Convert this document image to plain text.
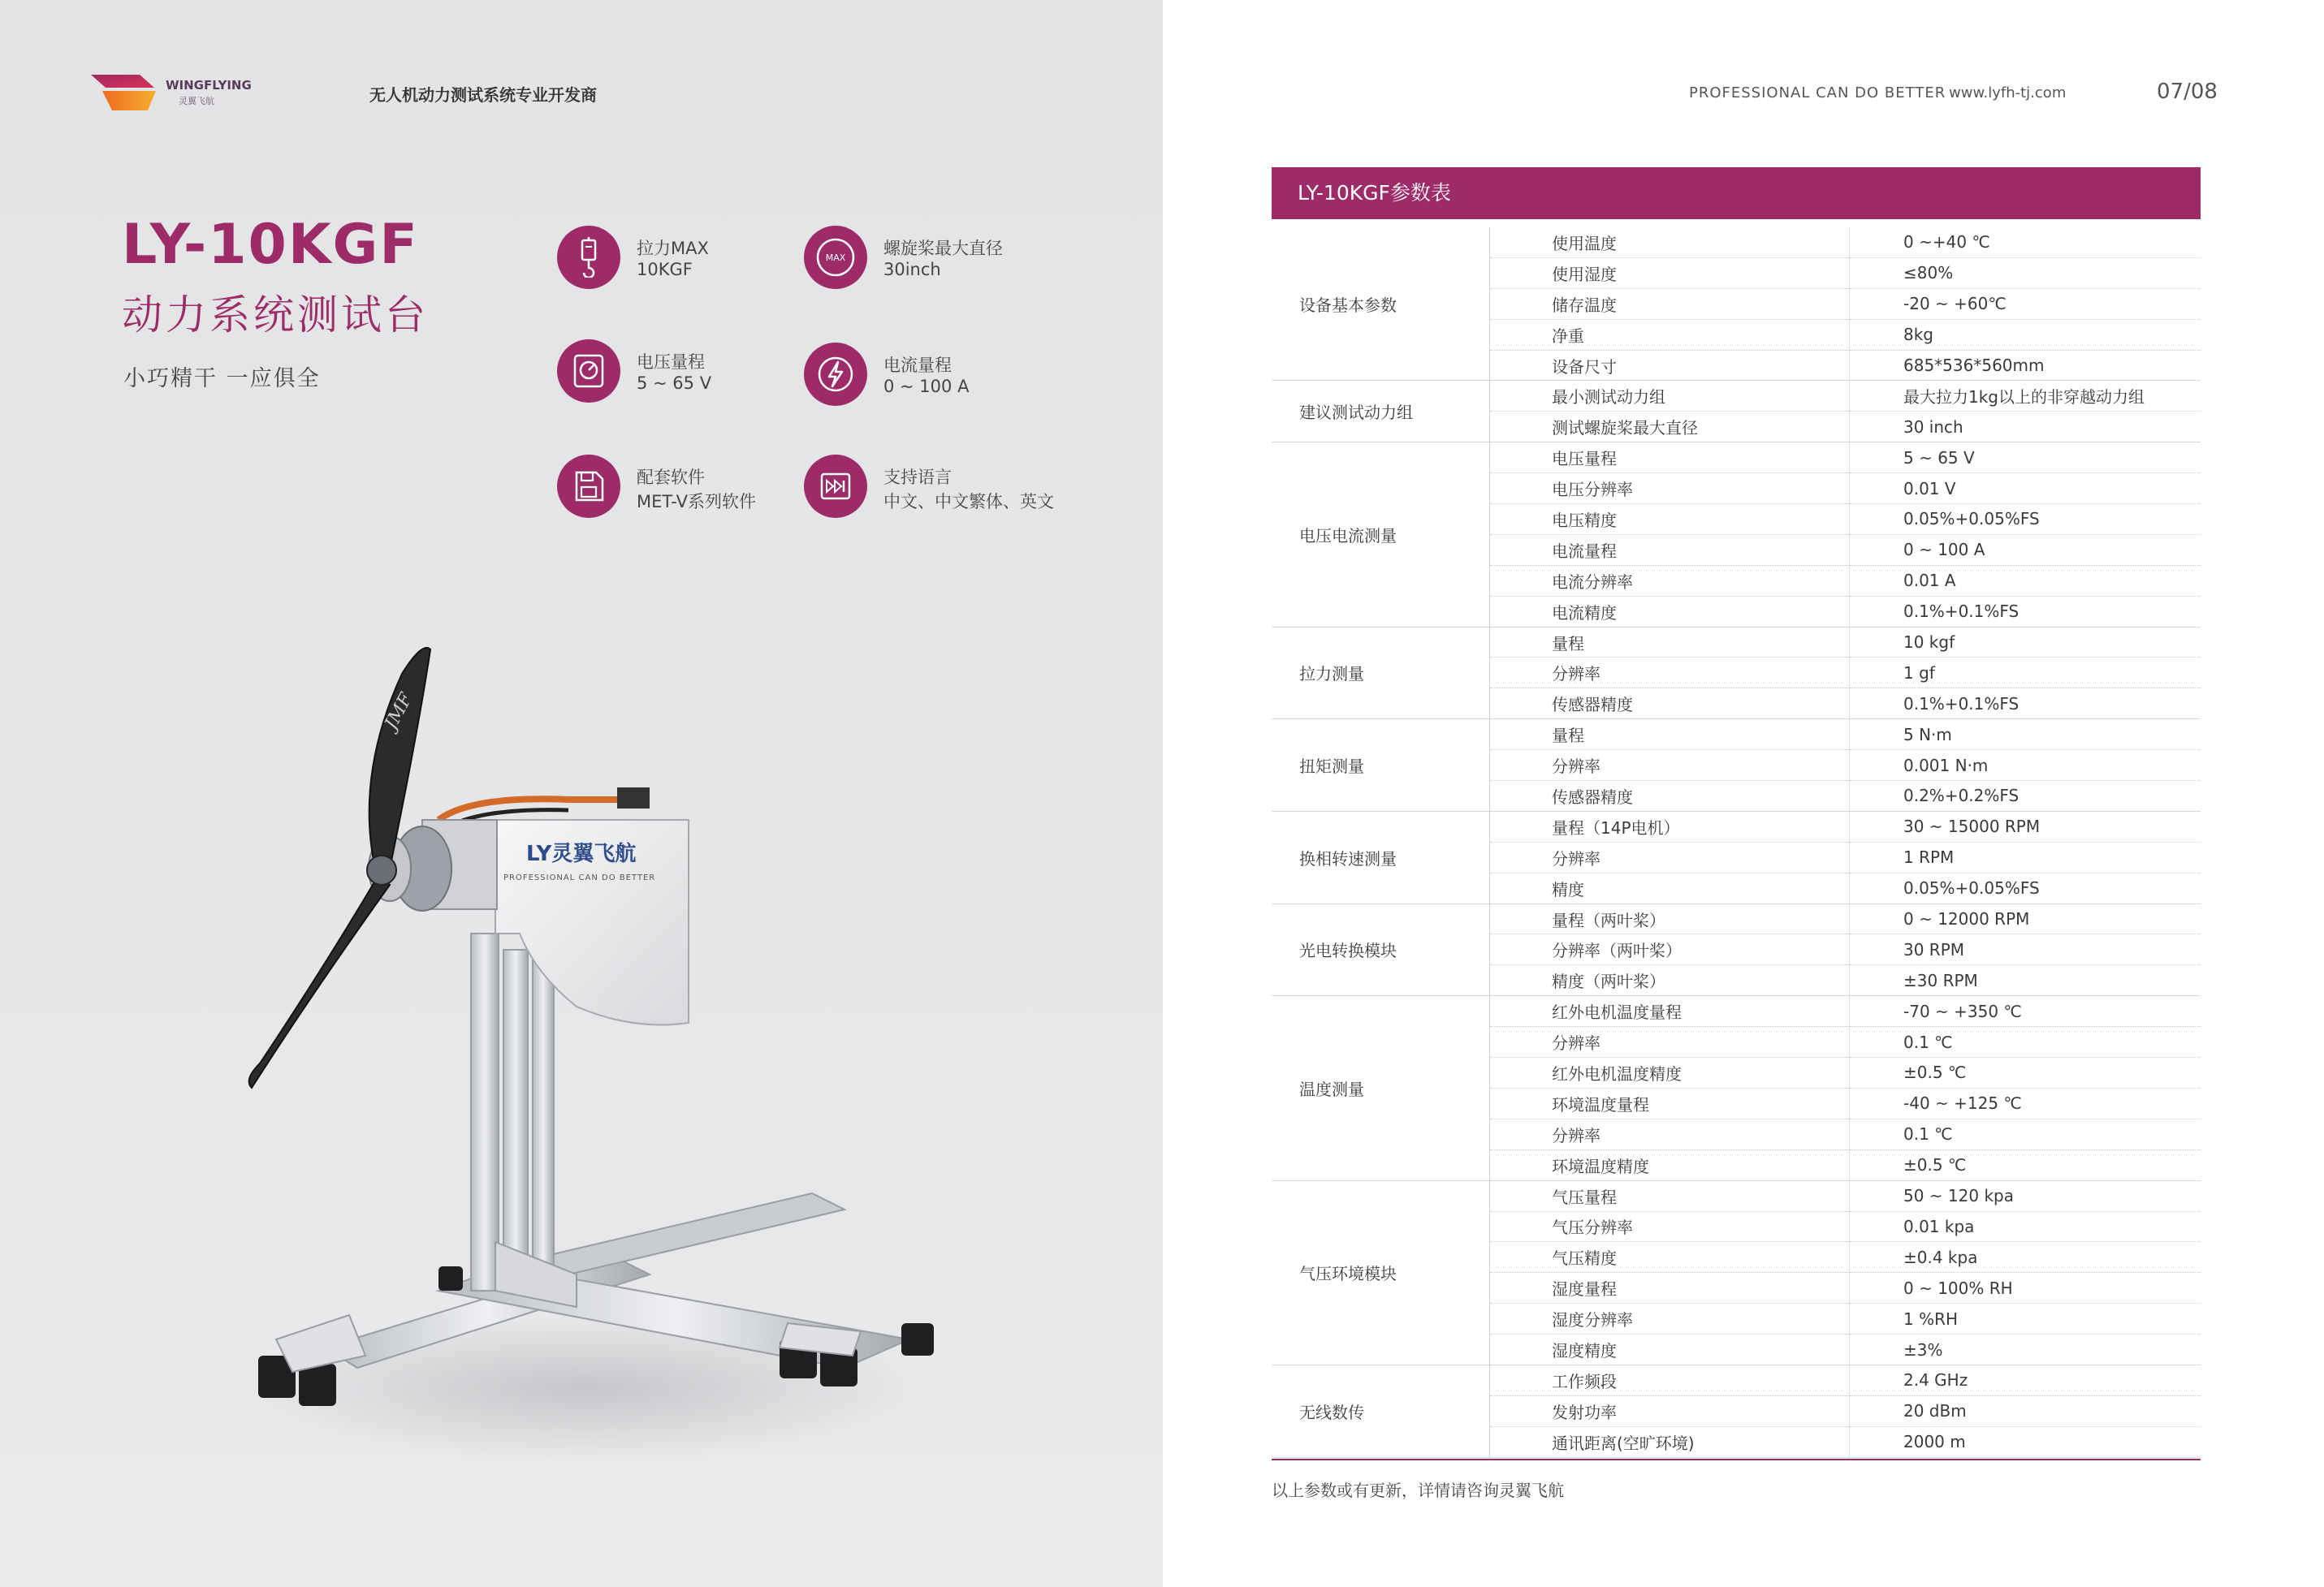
WINGFLYING
灵翼飞航	无人机动力测试系统专业开发商
LY-10KGF
动力系统测试台
小巧精干 一应俱全
拉力MAX
10KGF
MAX 螺旋桨最大直径
30inch
电压量程
5 ~ 65 V
电流量程
0 ~ 100 A
配套软件
MET-V系列软件
支持语言
中文、中文繁体、英文
LY灵翼飞航
PROFESSIONAL CAN DO BETTER
JMF
PROFESSIONAL CAN DO BETTER www.lyfh-tj.com	07/08
LY-10KGF参数表
设备基本参数	使用温度	0 ~+40 ℃
	使用湿度	≤80%
	储存温度	-20 ~ +60℃
	净重	8kg
	设备尺寸	685*536*560mm
建议测试动力组	最小测试动力组	最大拉力1kg以上的非穿越动力组
	测试螺旋桨最大直径	30 inch
电压电流测量	电压量程	5 ~ 65 V
	电压分辨率	0.01 V
	电压精度	0.05%+0.05%FS
	电流量程	0 ~ 100 A
	电流分辨率	0.01 A
	电流精度	0.1%+0.1%FS
拉力测量	量程	10 kgf
	分辨率	1 gf
	传感器精度	0.1%+0.1%FS
扭矩测量	量程	5 N·m
	分辨率	0.001 N·m
	传感器精度	0.2%+0.2%FS
换相转速测量	量程（14P电机）	30 ~ 15000 RPM
	分辨率	1 RPM
	精度	0.05%+0.05%FS
光电转换模块	量程（两叶桨）	0 ~ 12000 RPM
	分辨率（两叶桨）	30 RPM
	精度（两叶桨）	±30 RPM
温度测量	红外电机温度量程	-70 ~ +350 ℃
	分辨率	0.1 ℃
	红外电机温度精度	±0.5 ℃
	环境温度量程	-40 ~ +125 ℃
	分辨率	0.1 ℃
	环境温度精度	±0.5 ℃
气压环境模块	气压量程	50 ~ 120 kpa
	气压分辨率	0.01 kpa
	气压精度	±0.4 kpa
	湿度量程	0 ~ 100% RH
	湿度分辨率	1 %RH
	湿度精度	±3%
无线数传	工作频段	2.4 GHz
	发射功率	20 dBm
	通讯距离(空旷环境)	2000 m
以上参数或有更新，详情请咨询灵翼飞航
